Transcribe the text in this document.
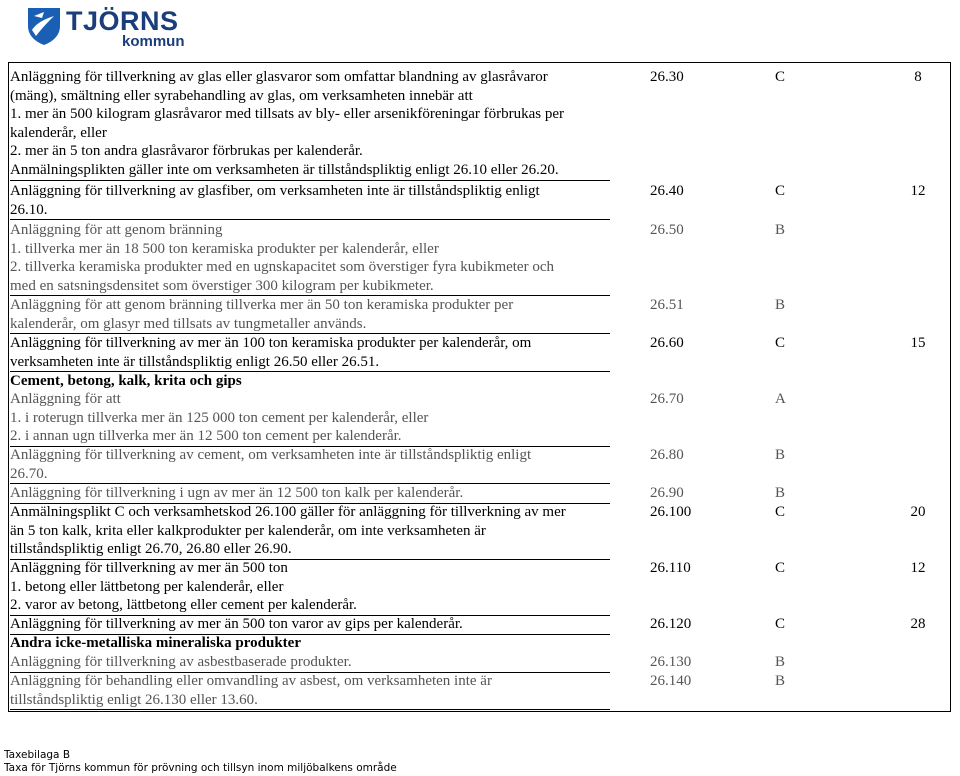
TJÖRNS
kommun
Anläggning för tillverkning av glas eller glasvaror som omfattar blandning av glasråvaror
(mäng), smältning eller syrabehandling av glas, om verksamheten innebär att
1. mer än 500 kilogram glasråvaror med tillsats av bly- eller arsenikföreningar förbrukas per
kalenderår, eller
2. mer än 5 ton andra glasråvaror förbrukas per kalenderår.
Anmälningsplikten gäller inte om verksamheten är tillståndspliktig enligt 26.10 eller 26.20.
26.30	C	8
Anläggning för tillverkning av glasfiber, om verksamheten inte är tillståndspliktig enligt
26.10.
26.40	C	12
Anläggning för att genom bränning
1. tillverka mer än 18 500 ton keramiska produkter per kalenderår, eller
2. tillverka keramiska produkter med en ugnskapacitet som överstiger fyra kubikmeter och
med en satsningsdensitet som överstiger 300 kilogram per kubikmeter.
26.50	B
Anläggning för att genom bränning tillverka mer än 50 ton keramiska produkter per
kalenderår, om glasyr med tillsats av tungmetaller används.
26.51	B
Anläggning för tillverkning av mer än 100 ton keramiska produkter per kalenderår, om
verksamheten inte är tillståndspliktig enligt 26.50 eller 26.51.
26.60	C	15
Cement, betong, kalk, krita och gips
Anläggning för att
1. i roterugn tillverka mer än 125 000 ton cement per kalenderår, eller
2. i annan ugn tillverka mer än 12 500 ton cement per kalenderår.
26.70	A
Anläggning för tillverkning av cement, om verksamheten inte är tillståndspliktig enligt
26.70.
26.80	B
Anläggning för tillverkning i ugn av mer än 12 500 ton kalk per kalenderår.	26.90	B
Anmälningsplikt C och verksamhetskod 26.100 gäller för anläggning för tillverkning av mer
än 5 ton kalk, krita eller kalkprodukter per kalenderår, om inte verksamheten är
tillståndspliktig enligt 26.70, 26.80 eller 26.90.
26.100	C	20
Anläggning för tillverkning av mer än 500 ton
1. betong eller lättbetong per kalenderår, eller
2. varor av betong, lättbetong eller cement per kalenderår.
26.110	C	12
Anläggning för tillverkning av mer än 500 ton varor av gips per kalenderår.	26.120	C	28
Andra icke-metalliska mineraliska produkter
Anläggning för tillverkning av asbestbaserade produkter.	26.130	B
Anläggning för behandling eller omvandling av asbest, om verksamheten inte är
tillståndspliktig enligt 26.130 eller 13.60.
26.140	B
Taxebilaga B
Taxa för Tjörns kommun för prövning och tillsyn inom miljöbalkens område
